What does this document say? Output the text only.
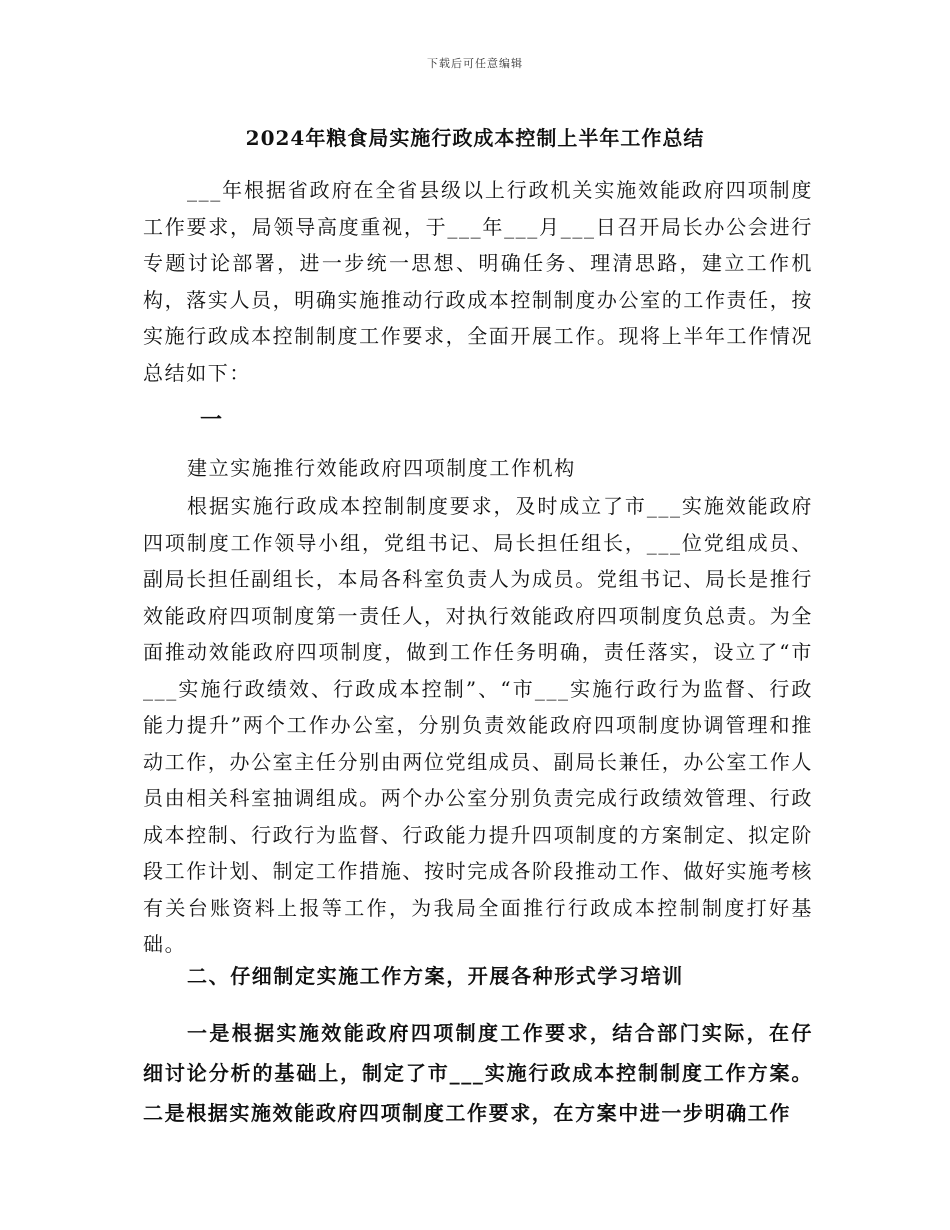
下载后可任意编辑
2024年粮食局实施行政成本控制上半年工作总结
___年根据省政府在全省县级以上行政机关实施效能政府四项制度工作要求，局领导高度重视，于___年___月___日召开局长办公会进行专题讨论部署，进一步统一思想、明确任务、理清思路，建立工作机构，落实人员，明确实施推动行政成本控制制度办公室的工作责任，按实施行政成本控制制度工作要求，全面开展工作。现将上半年工作情况总结如下：
一
建立实施推行效能政府四项制度工作机构
根据实施行政成本控制制度要求，及时成立了市___实施效能政府四项制度工作领导小组，党组书记、局长担任组长，___位党组成员、副局长担任副组长，本局各科室负责人为成员。党组书记、局长是推行效能政府四项制度第一责任人，对执行效能政府四项制度负总责。为全面推动效能政府四项制度，做到工作任务明确，责任落实，设立了“市___实施行政绩效、行政成本控制”、“市___实施行政行为监督、行政能力提升”两个工作办公室，分别负责效能政府四项制度协调管理和推动工作，办公室主任分别由两位党组成员、副局长兼任，办公室工作人员由相关科室抽调组成。两个办公室分别负责完成行政绩效管理、行政成本控制、行政行为监督、行政能力提升四项制度的方案制定、拟定阶段工作计划、制定工作措施、按时完成各阶段推动工作、做好实施考核有关台账资料上报等工作，为我局全面推行行政成本控制制度打好基础。
二、仔细制定实施工作方案，开展各种形式学习培训
一是根据实施效能政府四项制度工作要求，结合部门实际，在仔细讨论分析的基础上，制定了市___实施行政成本控制制度工作方案。二是根据实施效能政府四项制度工作要求，在方案中进一步明确工作
